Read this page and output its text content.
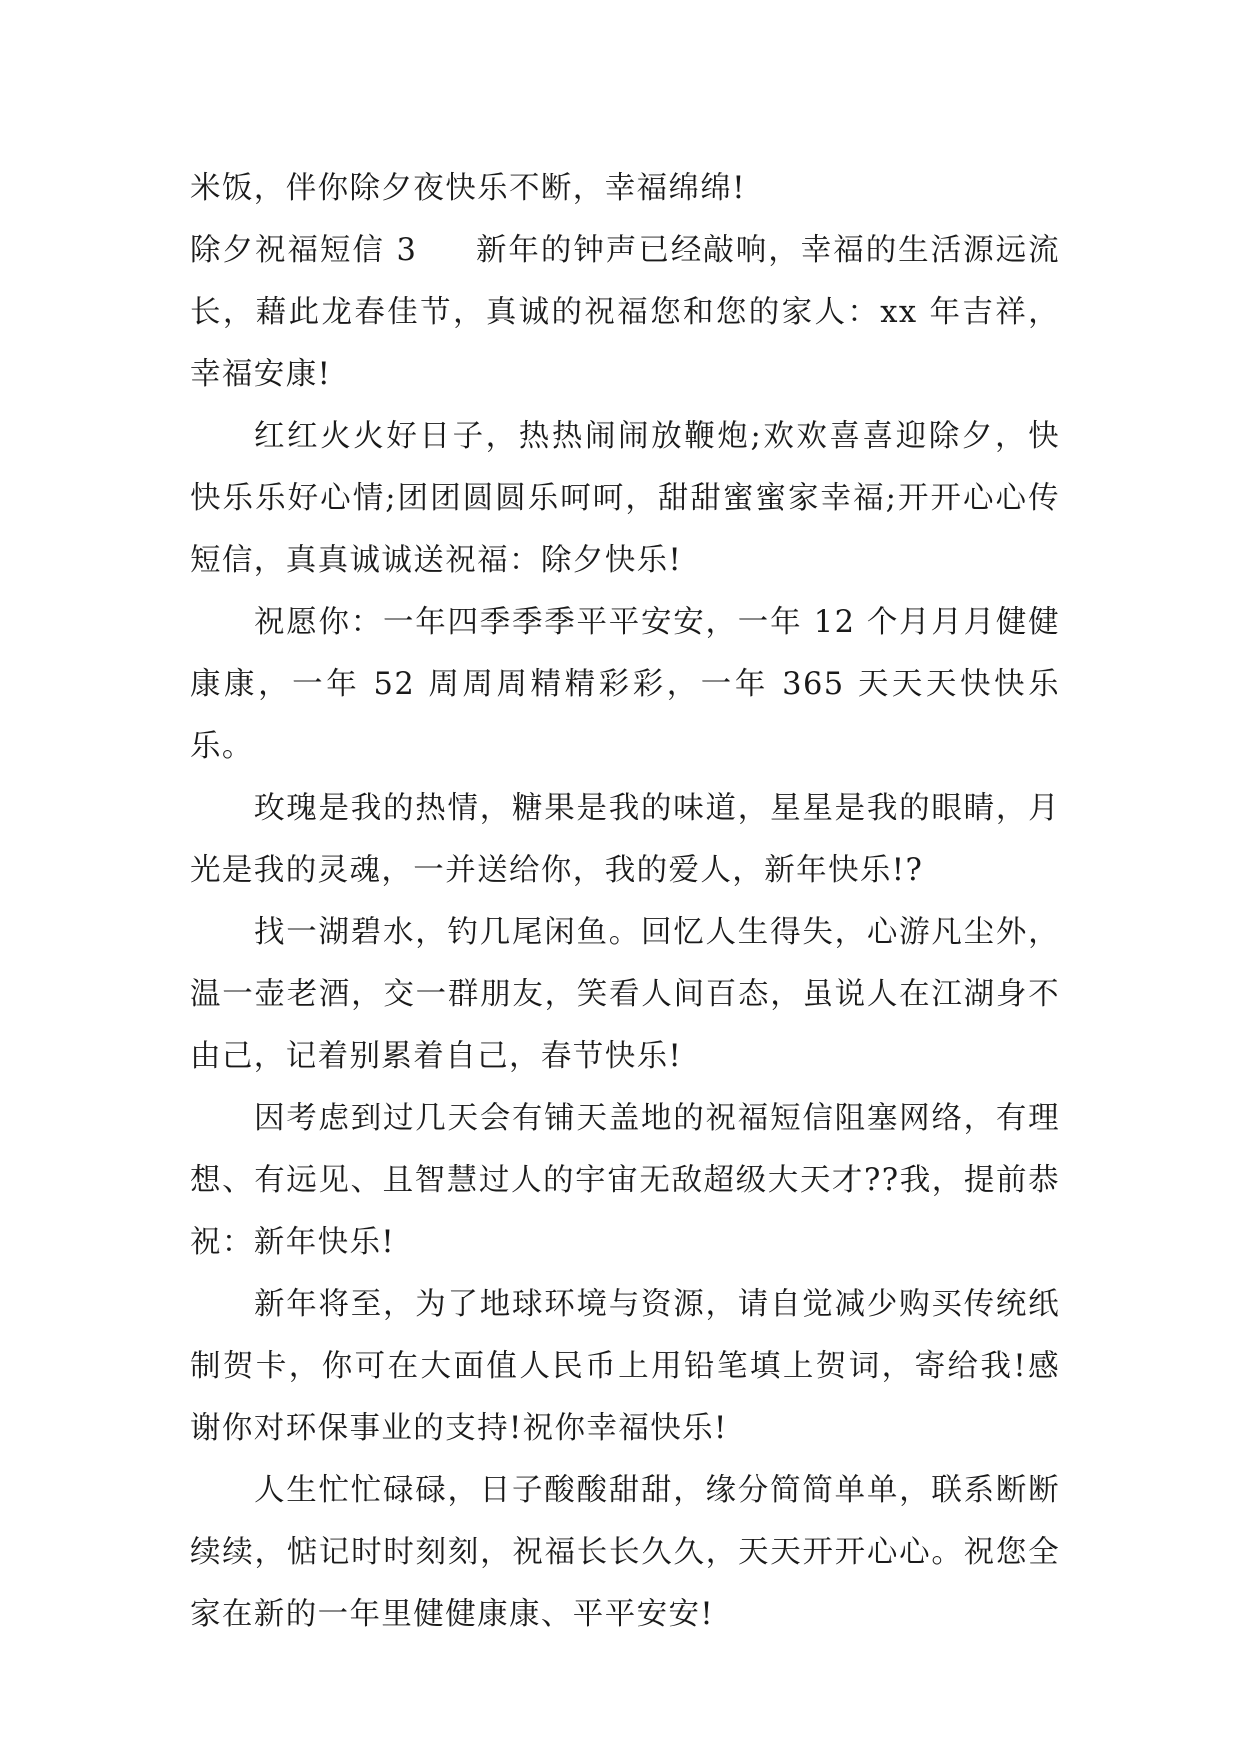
米饭，伴你除夕夜快乐不断，幸福绵绵!

除夕祝福短信 3 新年的钟声已经敲响，幸福的生活源远流长，藉此龙春佳节，真诚的祝福您和您的家人：xx 年吉祥，幸福安康!

红红火火好日子，热热闹闹放鞭炮;欢欢喜喜迎除夕，快快乐乐好心情;团团圆圆乐呵呵，甜甜蜜蜜家幸福;开开心心传短信，真真诚诚送祝福：除夕快乐!

祝愿你：一年四季季季平平安安，一年 12 个月月月健健康康，一年 52 周周周精精彩彩，一年 365 天天天快快乐乐。

玫瑰是我的热情，糖果是我的味道，星星是我的眼睛，月光是我的灵魂，一并送给你，我的爱人，新年快乐!?

找一湖碧水，钓几尾闲鱼。回忆人生得失，心游凡尘外，温一壶老酒，交一群朋友，笑看人间百态，虽说人在江湖身不由己，记着别累着自己，春节快乐!

因考虑到过几天会有铺天盖地的祝福短信阻塞网络，有理想、有远见、且智慧过人的宇宙无敌超级大天才??我，提前恭祝：新年快乐!

新年将至，为了地球环境与资源，请自觉减少购买传统纸制贺卡，你可在大面值人民币上用铅笔填上贺词，寄给我!感谢你对环保事业的支持!祝你幸福快乐!

人生忙忙碌碌，日子酸酸甜甜，缘分简简单单，联系断断续续，惦记时时刻刻，祝福长长久久，天天开开心心。祝您全家在新的一年里健健康康、平平安安!
